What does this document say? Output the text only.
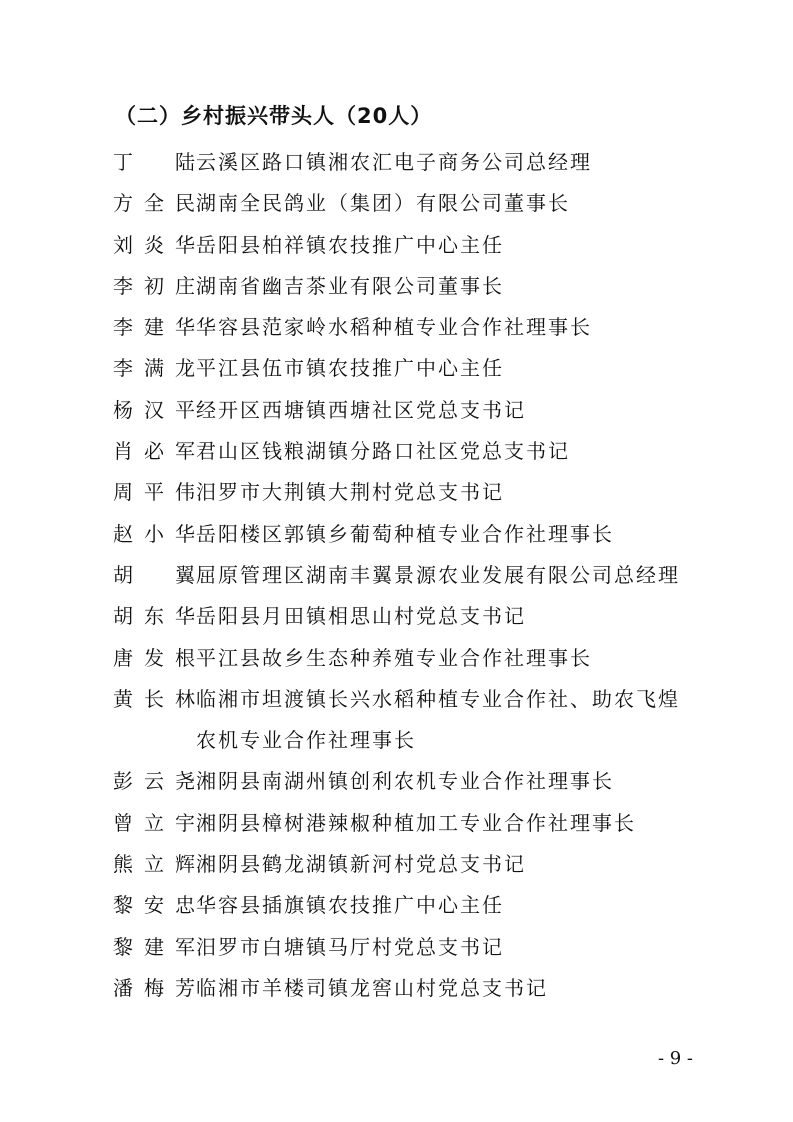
（二）乡村振兴带头人（20人）
丁 陆 云溪区路口镇湘农汇电子商务公司总经理
方全民 湖南全民鸽业（集团）有限公司董事长
刘炎华 岳阳县柏祥镇农技推广中心主任
李初庄 湖南省幽吉茶业有限公司董事长
李建华 华容县范家岭水稻种植专业合作社理事长
李满龙 平江县伍市镇农技推广中心主任
杨汉平 经开区西塘镇西塘社区党总支书记
肖必军 君山区钱粮湖镇分路口社区党总支书记
周平伟 汨罗市大荆镇大荆村党总支书记
赵小华 岳阳楼区郭镇乡葡萄种植专业合作社理事长
胡 翼 屈原管理区湖南丰翼景源农业发展有限公司总经理
胡东华 岳阳县月田镇相思山村党总支书记
唐发根 平江县故乡生态种养殖专业合作社理事长
黄长林 临湘市坦渡镇长兴水稻种植专业合作社、助农飞煌农机专业合作社理事长
彭云尧 湘阴县南湖州镇创利农机专业合作社理事长
曾立宇 湘阴县樟树港辣椒种植加工专业合作社理事长
熊立辉 湘阴县鹤龙湖镇新河村党总支书记
黎安忠 华容县插旗镇农技推广中心主任
黎建军 汨罗市白塘镇马厅村党总支书记
潘梅芳 临湘市羊楼司镇龙窖山村党总支书记
- 9 -
